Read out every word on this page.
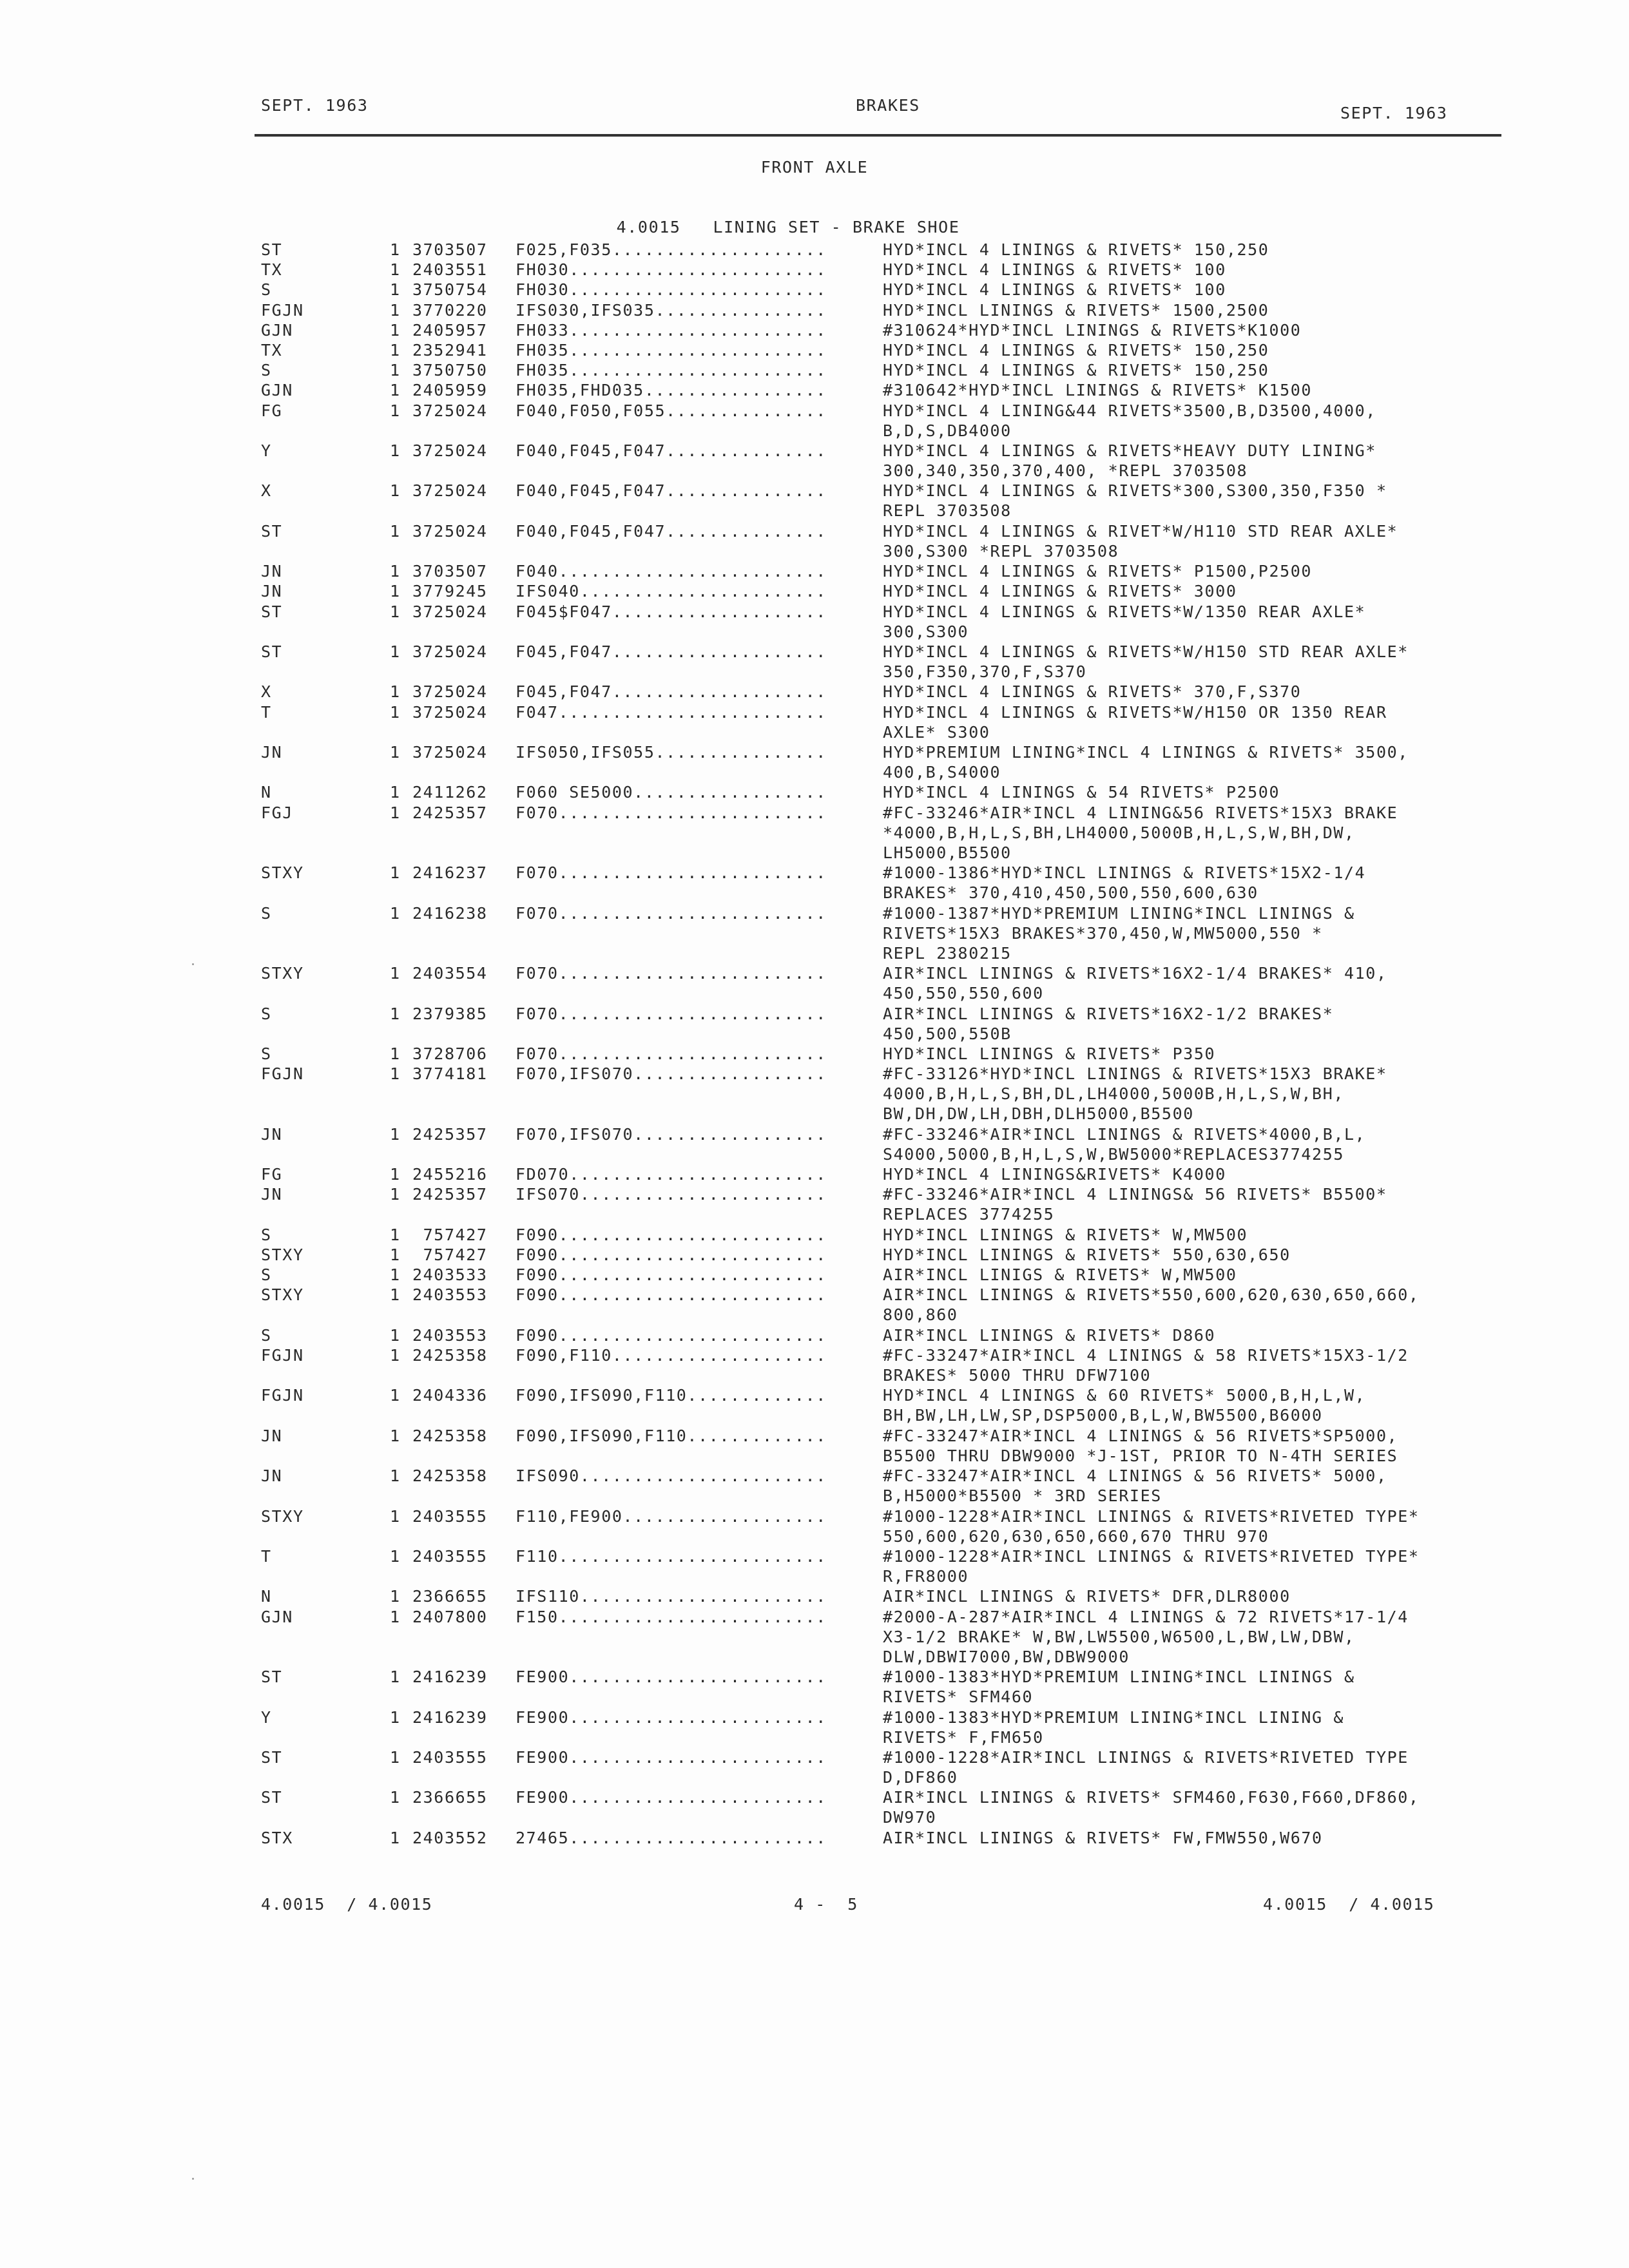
SEPT. 1963	BRAKES	SEPT. 1963
FRONT AXLE

4.0015 LINING SET - BRAKE SHOE

ST	1 3703507 F025,F035....................	HYD*INCL 4 LININGS & RIVETS* 150,250
TX	1 2403551 FH030........................	HYD*INCL 4 LININGS & RIVETS* 100
S	1 3750754 FH030........................	HYD*INCL 4 LININGS & RIVETS* 100
FGJN	1 3770220 IFS030,IFS035................	HYD*INCL LININGS & RIVETS* 1500,2500
GJN	1 2405957 FH033........................	#310624*HYD*INCL LININGS & RIVETS*K1000
TX	1 2352941 FH035........................	HYD*INCL 4 LININGS & RIVETS* 150,250
S	1 3750750 FH035........................	HYD*INCL 4 LININGS & RIVETS* 150,250
GJN	1 2405959 FH035,FHD035.................	#310642*HYD*INCL LININGS & RIVETS* K1500
FG	1 3725024 F040,F050,F055...............	HYD*INCL 4 LINING&44 RIVETS*3500,B,D3500,4000,
B,D,S,DB4000
Y	1 3725024 F040,F045,F047...............	HYD*INCL 4 LININGS & RIVETS*HEAVY DUTY LINING*
300,340,350,370,400, *REPL 3703508
X	1 3725024 F040,F045,F047...............	HYD*INCL 4 LININGS & RIVETS*300,S300,350,F350 *
REPL 3703508
ST	1 3725024 F040,F045,F047...............	HYD*INCL 4 LININGS & RIVET*W/H110 STD REAR AXLE*
300,S300 *REPL 3703508
JN	1 3703507 F040.........................	HYD*INCL 4 LININGS & RIVETS* P1500,P2500
JN	1 3779245 IFS040.......................	HYD*INCL 4 LININGS & RIVETS* 3000
ST	1 3725024 F045$F047....................	HYD*INCL 4 LININGS & RIVETS*W/1350 REAR AXLE*
300,S300
ST	1 3725024 F045,F047....................	HYD*INCL 4 LININGS & RIVETS*W/H150 STD REAR AXLE*
350,F350,370,F,S370
X	1 3725024 F045,F047....................	HYD*INCL 4 LININGS & RIVETS* 370,F,S370
T	1 3725024 F047.........................	HYD*INCL 4 LININGS & RIVETS*W/H150 OR 1350 REAR
AXLE* S300
JN	1 3725024 IFS050,IFS055................	HYD*PREMIUM LINING*INCL 4 LININGS & RIVETS* 3500,
400,B,S4000
N	1 2411262 F060 SE5000..................	HYD*INCL 4 LININGS & 54 RIVETS* P2500
FGJ	1 2425357 F070.........................	#FC-33246*AIR*INCL 4 LINING&56 RIVETS*15X3 BRAKE
*4000,B,H,L,S,BH,LH4000,5000B,H,L,S,W,BH,DW,
LH5000,B5500
STXY	1 2416237 F070.........................	#1000-1386*HYD*INCL LININGS & RIVETS*15X2-1/4
BRAKES* 370,410,450,500,550,600,630
S	1 2416238 F070.........................	#1000-1387*HYD*PREMIUM LINING*INCL LININGS &
RIVETS*15X3 BRAKES*370,450,W,MW5000,550 *
REPL 2380215
STXY	1 2403554 F070.........................	AIR*INCL LININGS & RIVETS*16X2-1/4 BRAKES* 410,
450,550,550,600
S	1 2379385 F070.........................	AIR*INCL LININGS & RIVETS*16X2-1/2 BRAKES*
450,500,550B
S	1 3728706 F070.........................	HYD*INCL LININGS & RIVETS* P350
FGJN	1 3774181 F070,IFS070..................	#FC-33126*HYD*INCL LININGS & RIVETS*15X3 BRAKE*
4000,B,H,L,S,BH,DL,LH4000,5000B,H,L,S,W,BH,
BW,DH,DW,LH,DBH,DLH5000,B5500
JN	1 2425357 F070,IFS070..................	#FC-33246*AIR*INCL LININGS & RIVETS*4000,B,L,
S4000,5000,B,H,L,S,W,BW5000*REPLACES3774255
FG	1 2455216 FD070........................	HYD*INCL 4 LININGS&RIVETS* K4000
JN	1 2425357 IFS070.......................	#FC-33246*AIR*INCL 4 LININGS& 56 RIVETS* B5500*
REPLACES 3774255
S	1 757427 F090.........................	HYD*INCL LININGS & RIVETS* W,MW500
STXY	1 757427 F090.........................	HYD*INCL LININGS & RIVETS* 550,630,650
S	1 2403533 F090.........................	AIR*INCL LINIGS & RIVETS* W,MW500
STXY	1 2403553 F090.........................	AIR*INCL LININGS & RIVETS*550,600,620,630,650,660,
800,860
S	1 2403553 F090.........................	AIR*INCL LININGS & RIVETS* D860
FGJN	1 2425358 F090,F110....................	#FC-33247*AIR*INCL 4 LININGS & 58 RIVETS*15X3-1/2
BRAKES* 5000 THRU DFW7100
FGJN	1 2404336 F090,IFS090,F110.............	HYD*INCL 4 LININGS & 60 RIVETS* 5000,B,H,L,W,
BH,BW,LH,LW,SP,DSP5000,B,L,W,BW5500,B6000
JN	1 2425358 F090,IFS090,F110.............	#FC-33247*AIR*INCL 4 LININGS & 56 RIVETS*SP5000,
B5500 THRU DBW9000 *J-1ST, PRIOR TO N-4TH SERIES
JN	1 2425358 IFS090.......................	#FC-33247*AIR*INCL 4 LININGS & 56 RIVETS* 5000,
B,H5000*B5500 * 3RD SERIES
STXY	1 2403555 F110,FE900...................	#1000-1228*AIR*INCL LININGS & RIVETS*RIVETED TYPE*
550,600,620,630,650,660,670 THRU 970
T	1 2403555 F110.........................	#1000-1228*AIR*INCL LININGS & RIVETS*RIVETED TYPE*
R,FR8000
N	1 2366655 IFS110.......................	AIR*INCL LININGS & RIVETS* DFR,DLR8000
GJN	1 2407800 F150.........................	#2000-A-287*AIR*INCL 4 LININGS & 72 RIVETS*17-1/4
X3-1/2 BRAKE* W,BW,LW5500,W6500,L,BW,LW,DBW,
DLW,DBWI7000,BW,DBW9000
ST	1 2416239 FE900........................	#1000-1383*HYD*PREMIUM LINING*INCL LININGS &
RIVETS* SFM460
Y	1 2416239 FE900........................	#1000-1383*HYD*PREMIUM LINING*INCL LINING &
RIVETS* F,FM650
ST	1 2403555 FE900........................	#1000-1228*AIR*INCL LININGS & RIVETS*RIVETED TYPE
D,DF860
ST	1 2366655 FE900........................	AIR*INCL LININGS & RIVETS* SFM460,F630,F660,DF860,
DW970
STX	1 2403552 27465........................	AIR*INCL LININGS & RIVETS* FW,FMW550,W670
4.0015  / 4.0015	4 -  5	4.0015  / 4.0015
